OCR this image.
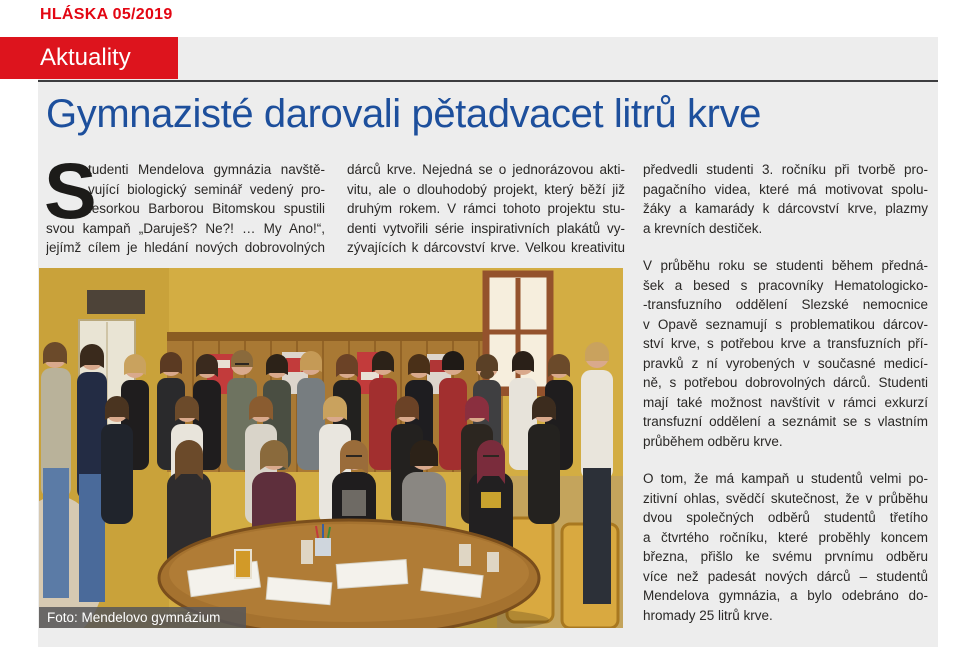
HLÁSKA 05/2019
Aktuality
Gymnazisté darovali pětadvacet litrů krve
S
tudenti Mendelova gymnázia navště-
vující biologický seminář vedený pro-
fesorkou Barborou Bitomskou spustili
svou kampaň „Daruješ? Ne?! … My Ano!“,
jejímž cílem je hledání nových dobrovolných
dárců krve. Nejedná se o jednorázovou akti-
vitu, ale o dlouhodobý projekt, který běží již
druhým rokem. V rámci tohoto projektu stu-
denti vytvořili série inspirativních plakátů vy-
zývajících k dárcovství krve. Velkou kreativitu
předvedli studenti 3. ročníku při tvorbě pro-
pagačního videa, které má motivovat spolu-
žáky a kamarády k dárcovství krve, plazmy
a krevních destiček.
V průběhu roku se studenti během předná-
šek a besed s pracovníky Hematologicko-
-transfuzního oddělení Slezské nemocnice
v Opavě seznamují s problematikou dárcov-
ství krve, s potřebou krve a transfuzních pří-
pravků z ní vyrobených v současné medicí-
ně, s potřebou dobrovolných dárců. Studenti
mají také možnost navštívit v rámci exkurzí
transfuzní oddělení a seznámit se s vlastním
průběhem odběru krve.
O tom, že má kampaň u studentů velmi po-
zitivní ohlas, svědčí skutečnost, že v průběhu
dvou společných odběrů studentů třetího
a čtvrtého ročníku, které proběhly koncem
března, přišlo ke svému prvnímu odběru
více než padesát nových dárců – studentů
Mendelova gymnázia, a bylo odebráno do-
hromady 25 litrů krve.
Foto: Mendelovo gymnázium
